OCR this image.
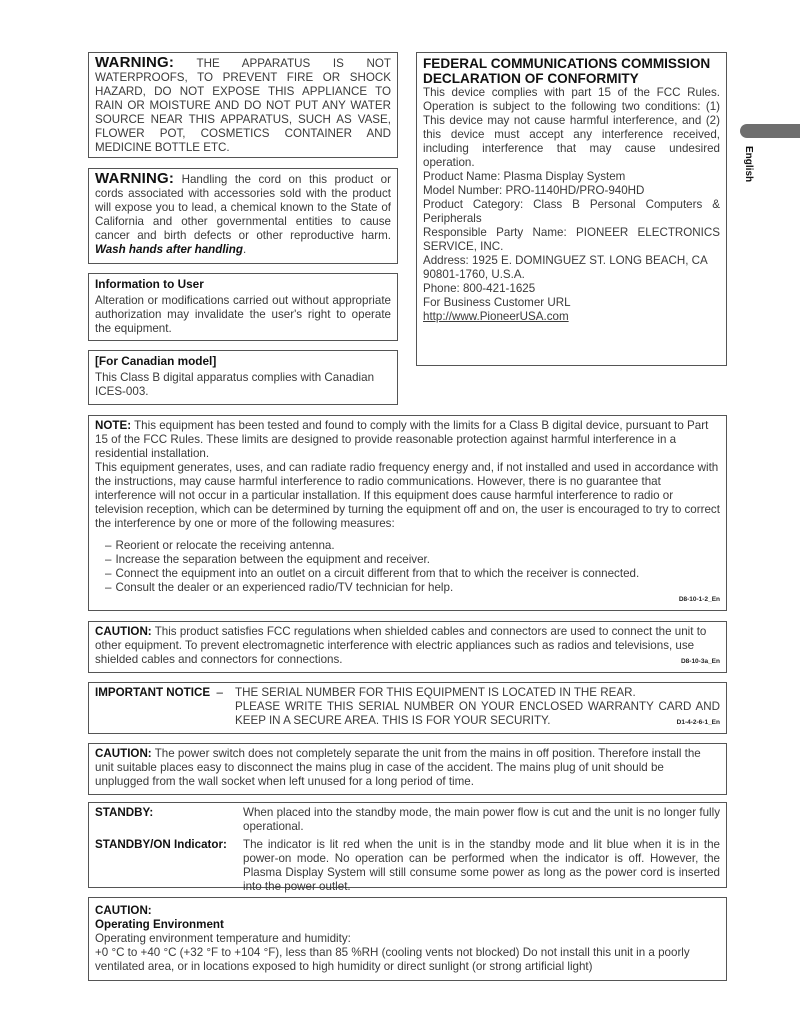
English

WARNING: THE APPARATUS IS NOT WATERPROOFS, TO PREVENT FIRE OR SHOCK HAZARD, DO NOT EXPOSE THIS APPLIANCE TO RAIN OR MOISTURE AND DO NOT PUT ANY WATER SOURCE NEAR THIS APPARATUS, SUCH AS VASE, FLOWER POT, COSMETICS CONTAINER AND MEDICINE BOTTLE ETC.

WARNING: Handling the cord on this product or cords associated with accessories sold with the product will expose you to lead, a chemical known to the State of California and other governmental entities to cause cancer and birth defects or other reproductive harm. Wash hands after handling.

Information to User

Alteration or modifications carried out without appropriate authorization may invalidate the user's right to operate the equipment.

[For Canadian model]

This Class B digital apparatus complies with Canadian ICES-003.

FEDERAL COMMUNICATIONS COMMISSION DECLARATION OF CONFORMITY

This device complies with part 15 of the FCC Rules. Operation is subject to the following two conditions: (1) This device may not cause harmful interference, and (2) this device must accept any interference received, including interference that may cause undesired operation.

Product Name: Plasma Display System

Model Number: PRO-1140HD/PRO-940HD

Product Category: Class B Personal Computers & Peripherals

Responsible Party Name: PIONEER ELECTRONICS SERVICE, INC.

Address: 1925 E. DOMINGUEZ ST. LONG BEACH, CA 90801-1760, U.S.A.

Phone: 800-421-1625

For Business Customer URL

http://www.PioneerUSA.com

NOTE: This equipment has been tested and found to comply with the limits for a Class B digital device, pursuant to Part 15 of the FCC Rules. These limits are designed to provide reasonable protection against harmful interference in a residential installation.

This equipment generates, uses, and can radiate radio frequency energy and, if not installed and used in accordance with the instructions, may cause harmful interference to radio communications. However, there is no guarantee that interference will not occur in a particular installation. If this equipment does cause harmful interference to radio or television reception, which can be determined by turning the equipment off and on, the user is encouraged to try to correct the interference by one or more of the following measures:

– Reorient or relocate the receiving antenna.
– Increase the separation between the equipment and receiver.
– Connect the equipment into an outlet on a circuit different from that to which the receiver is connected.
– Consult the dealer or an experienced radio/TV technician for help.
D8-10-1-2_En

CAUTION: This product satisfies FCC regulations when shielded cables and connectors are used to connect the unit to other equipment. To prevent electromagnetic interference with electric appliances such as radios and televisions, use shielded cables and connectors for connections.	D8-10-3a_En
IMPORTANT NOTICE – THE SERIAL NUMBER FOR THIS EQUIPMENT IS LOCATED IN THE REAR.

PLEASE WRITE THIS SERIAL NUMBER ON YOUR ENCLOSED WARRANTY CARD AND KEEP IN A SECURE AREA. THIS IS FOR YOUR SECURITY.	D1-4-2-6-1_En

CAUTION: The power switch does not completely separate the unit from the mains in off position. Therefore install the unit suitable places easy to disconnect the mains plug in case of the accident. The mains plug of unit should be unplugged from the wall socket when left unused for a long period of time.

STANDBY:	When placed into the standby mode, the main power flow is cut and the unit is no longer fully operational.

STANDBY/ON Indicator: The indicator is lit red when the unit is in the standby mode and lit blue when it is in the power-on mode. No operation can be performed when the indicator is off. However, the Plasma Display System will still consume some power as long as the power cord is inserted into the power outlet.

CAUTION:

Operating Environment

Operating environment temperature and humidity:

+0 °C to +40 °C (+32 °F to +104 °F), less than 85 %RH (cooling vents not blocked) Do not install this unit in a poorly ventilated area, or in locations exposed to high humidity or direct sunlight (or strong artificial light)
